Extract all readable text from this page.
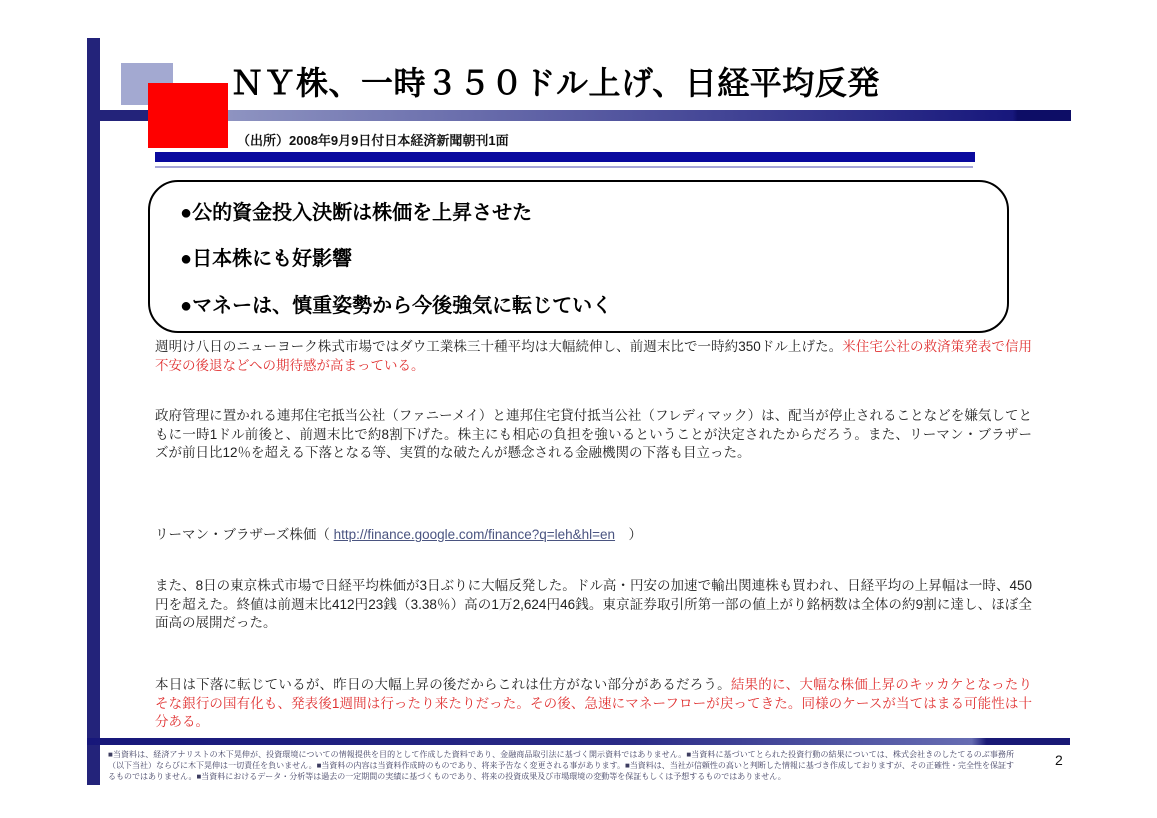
ＮＹ株、一時３５０ドル上げ、日経平均反発
（出所）2008年9月9日付日本経済新聞朝刊1面
●公的資金投入決断は株価を上昇させた
●日本株にも好影響
●マネーは、慎重姿勢から今後強気に転じていく
週明け八日のニューヨーク株式市場ではダウ工業株三十種平均は大幅続伸し、前週末比で一時約350ドル上げた。米住宅公社の救済策発表で信用不安の後退などへの期待感が高まっている。
政府管理に置かれる連邦住宅抵当公社（ファニーメイ）と連邦住宅貸付抵当公社（フレディマック）は、配当が停止されることなどを嫌気してともに一時1ドル前後と、前週末比で約8割下げた。株主にも相応の負担を強いるということが決定されたからだろう。また、リーマン・ブラザーズが前日比12％を超える下落となる等、実質的な破たんが懸念される金融機関の下落も目立った。
リーマン・ブラザーズ株価（ http://finance.google.com/finance?q=leh&hl=en　）
また、8日の東京株式市場で日経平均株価が3日ぶりに大幅反発した。ドル高・円安の加速で輸出関連株も買われ、日経平均の上昇幅は一時、450円を超えた。終値は前週末比412円23銭（3.38％）高の1万2,624円46銭。東京証券取引所第一部の値上がり銘柄数は全体の約9割に達し、ほぼ全面高の展開だった。
本日は下落に転じているが、昨日の大幅上昇の後だからこれは仕方がない部分があるだろう。結果的に、大幅な株価上昇のキッカケとなったりそな銀行の国有化も、発表後1週間は行ったり来たりだった。その後、急速にマネーフローが戻ってきた。同様のケースが当てはまる可能性は十分ある。
■当資料は、経済アナリストの木下晃伸が、投資環境についての情報提供を目的として作成した資料であり、金融商品取引法に基づく開示資料ではありません。■当資料に基づいてとられた投資行動の結果については、株式会社きのしたてるのぶ事務所（以下当社）ならびに木下晃伸は一切責任を負いません。■当資料の内容は当資料作成時のものであり、将来予告なく変更される事があります。■当資料は、当社が信頼性の高いと判断した情報に基づき作成しておりますが、その正確性・完全性を保証するものではありません。■当資料におけるデータ・分析等は過去の一定期間の実績に基づくものであり、将来の投資成果及び市場環境の変動等を保証もしくは予想するものではありません。
2
